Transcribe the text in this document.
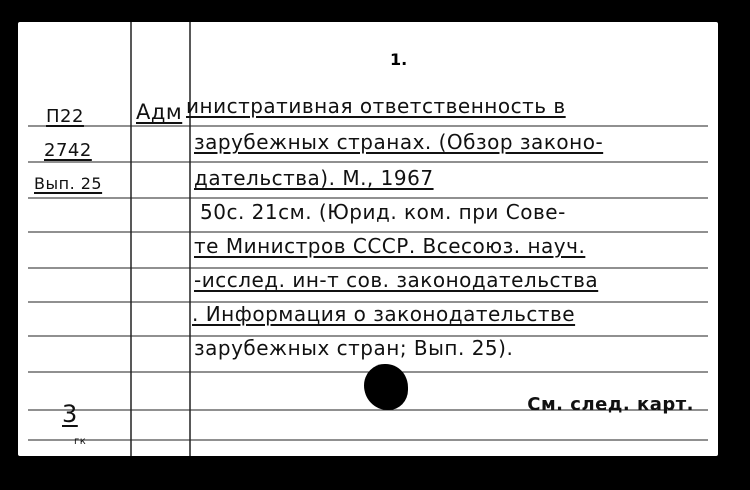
1.
П22
2742
Вып. 25
Адм инистративная ответственность в
зарубежных странах. (Обзор законо-
дательства). М., 1967
50с. 21см. (Юрид. ком. при Сове-
те Министров СССР. Всесоюз. науч.
-исслед. ин-т сов. законодательства
. Информация о законодательстве
зарубежных стран; Вып. 25).
3
гк
См. след. карт.
